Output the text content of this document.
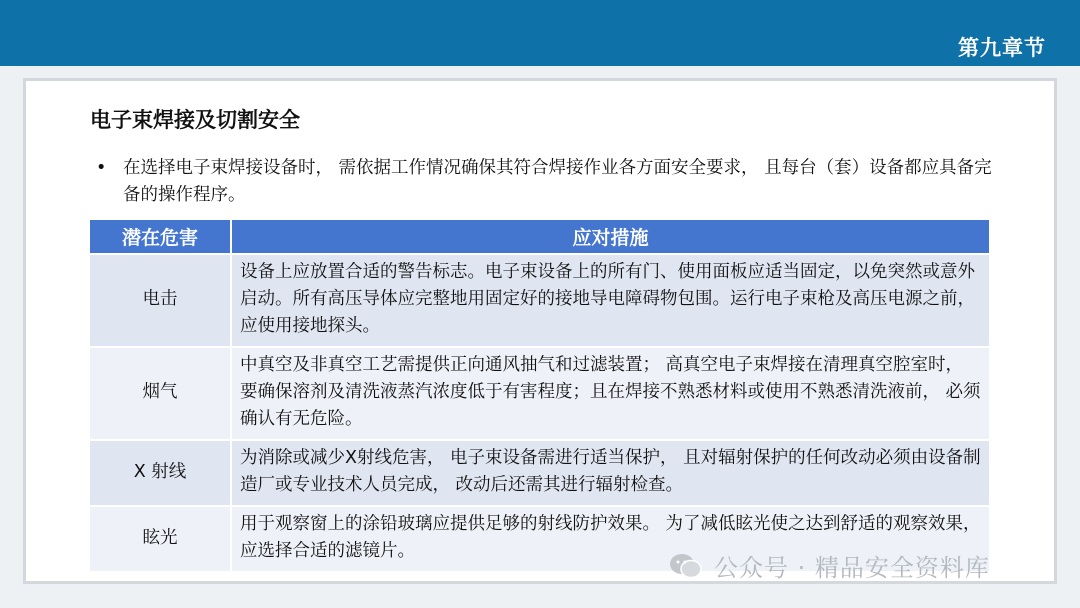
第九章节
电子束焊接及切割安全
• 在选择电子束焊接设备时， 需依据工作情况确保其符合焊接作业各方面安全要求， 且每台（套）设备都应具备完备的操作程序。
潜在危害	应对措施
电击	设备上应放置合适的警告标志。电子束设备上的所有门、使用面板应适当固定，以免突然或意外启动。所有高压导体应完整地用固定好的接地导电障碍物包围。运行电子束枪及高压电源之前， 应使用接地探头。
烟气	中真空及非真空工艺需提供正向通风抽气和过滤装置； 高真空电子束焊接在清理真空腔室时， 要确保溶剂及清洗液蒸汽浓度低于有害程度；且在焊接不熟悉材料或使用不熟悉清洗液前， 必须确认有无危险。
X 射线	为消除或减少X射线危害， 电子束设备需进行适当保护， 且对辐射保护的任何改动必须由设备制造厂或专业技术人员完成， 改动后还需其进行辐射检查。
眩光	用于观察窗上的涂铅玻璃应提供足够的射线防护效果。 为了减低眩光使之达到舒适的观察效果， 应选择合适的滤镜片。
公众号 · 精品安全资料库
